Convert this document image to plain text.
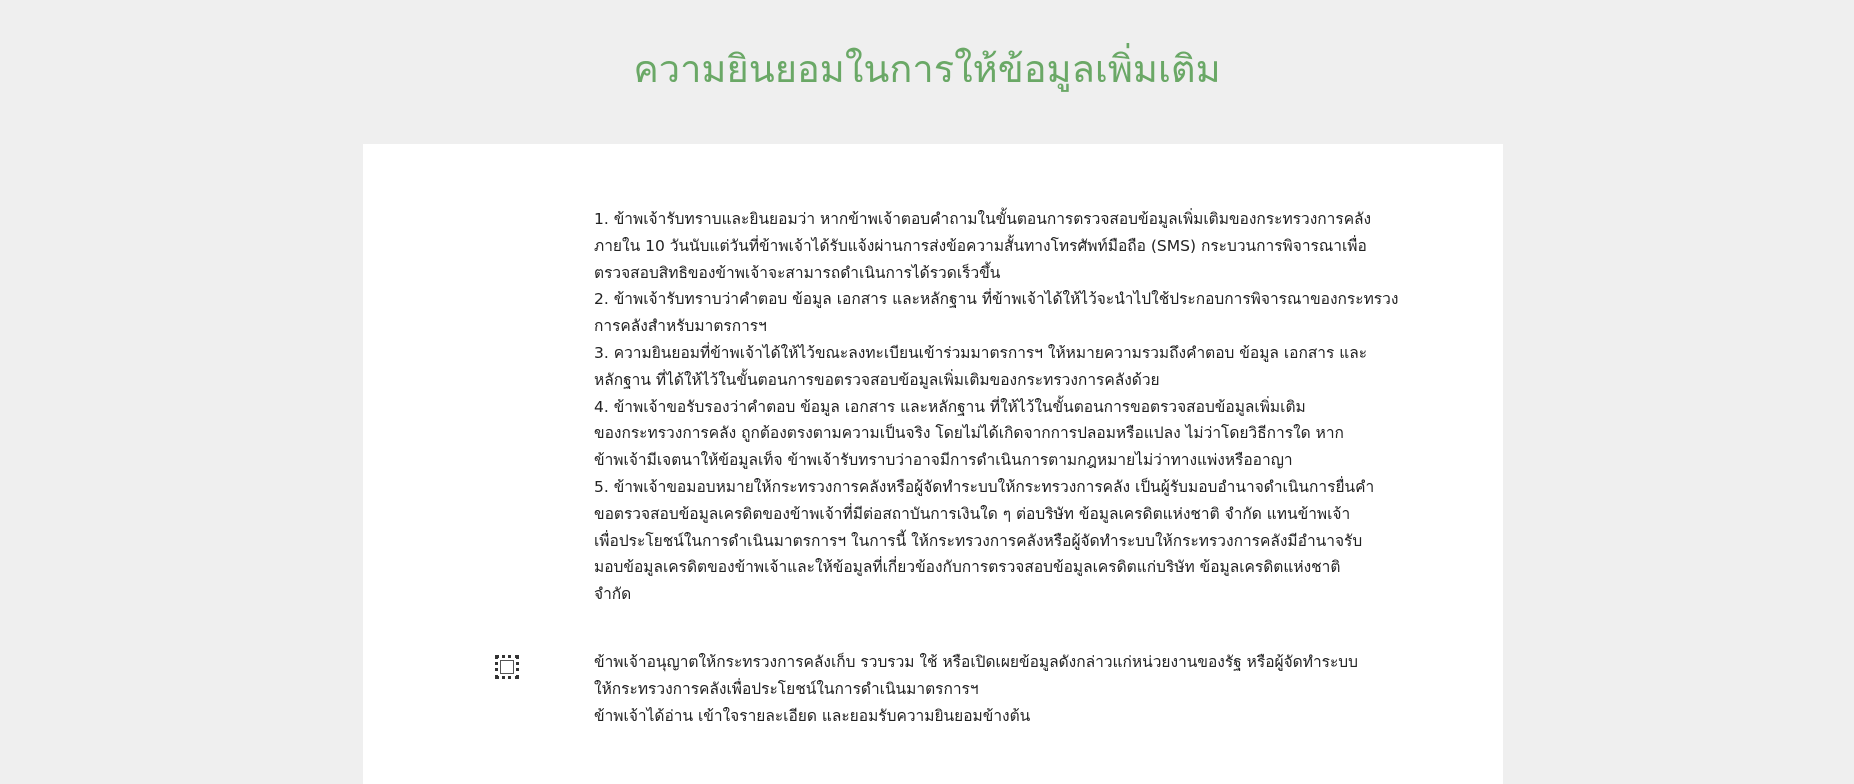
ความยินยอมในการให้ข้อมูลเพิ่มเติม
1. ข้าพเจ้ารับทราบและยินยอมว่า หากข้าพเจ้าตอบคำถามในขั้นตอนการตรวจสอบข้อมูลเพิ่มเติมของกระทรวงการคลัง
ภายใน 10 วันนับแต่วันที่ข้าพเจ้าได้รับแจ้งผ่านการส่งข้อความสั้นทางโทรศัพท์มือถือ (SMS) กระบวนการพิจารณาเพื่อ
ตรวจสอบสิทธิของข้าพเจ้าจะสามารถดำเนินการได้รวดเร็วขึ้น
2. ข้าพเจ้ารับทราบว่าคำตอบ ข้อมูล เอกสาร และหลักฐาน ที่ข้าพเจ้าได้ให้ไว้จะนำไปใช้ประกอบการพิจารณาของกระทรวง
การคลังสำหรับมาตรการฯ
3. ความยินยอมที่ข้าพเจ้าได้ให้ไว้ขณะลงทะเบียนเข้าร่วมมาตรการฯ ให้หมายความรวมถึงคำตอบ ข้อมูล เอกสาร และ
หลักฐาน ที่ได้ให้ไว้ในขั้นตอนการขอตรวจสอบข้อมูลเพิ่มเติมของกระทรวงการคลังด้วย
4. ข้าพเจ้าขอรับรองว่าคำตอบ ข้อมูล เอกสาร และหลักฐาน ที่ให้ไว้ในขั้นตอนการขอตรวจสอบข้อมูลเพิ่มเติม
ของกระทรวงการคลัง ถูกต้องตรงตามความเป็นจริง โดยไม่ได้เกิดจากการปลอมหรือแปลง ไม่ว่าโดยวิธีการใด หาก
ข้าพเจ้ามีเจตนาให้ข้อมูลเท็จ ข้าพเจ้ารับทราบว่าอาจมีการดำเนินการตามกฎหมายไม่ว่าทางแพ่งหรืออาญา
5. ข้าพเจ้าขอมอบหมายให้กระทรวงการคลังหรือผู้จัดทำระบบให้กระทรวงการคลัง เป็นผู้รับมอบอำนาจดำเนินการยื่นคำ
ขอตรวจสอบข้อมูลเครดิตของข้าพเจ้าที่มีต่อสถาบันการเงินใด ๆ ต่อบริษัท ข้อมูลเครดิตแห่งชาติ จำกัด แทนข้าพเจ้า
เพื่อประโยชน์ในการดำเนินมาตรการฯ ในการนี้ ให้กระทรวงการคลังหรือผู้จัดทำระบบให้กระทรวงการคลังมีอำนาจรับ
มอบข้อมูลเครดิตของข้าพเจ้าและให้ข้อมูลที่เกี่ยวข้องกับการตรวจสอบข้อมูลเครดิตแก่บริษัท ข้อมูลเครดิตแห่งชาติ
จำกัด
ข้าพเจ้าอนุญาตให้กระทรวงการคลังเก็บ รวบรวม ใช้ หรือเปิดเผยข้อมูลดังกล่าวแก่หน่วยงานของรัฐ หรือผู้จัดทำระบบ
ให้กระทรวงการคลังเพื่อประโยชน์ในการดำเนินมาตรการฯ
ข้าพเจ้าได้อ่าน เข้าใจรายละเอียด และยอมรับความยินยอมข้างต้น
